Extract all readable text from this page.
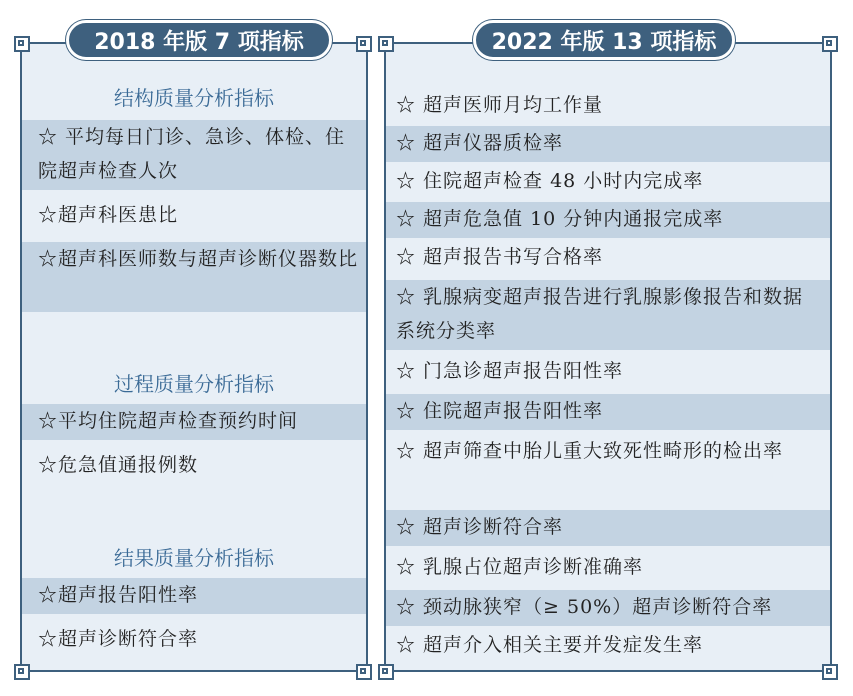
2018 年版 7 项指标	2022 年版 13 项指标
结构质量分析指标
☆ 平均每日门诊、急诊、体检、住院超声检查人次
☆超声科医患比
☆超声科医师数与超声诊断仪器数比
过程质量分析指标
☆平均住院超声检查预约时间
☆危急值通报例数
结果质量分析指标
☆超声报告阳性率
☆超声诊断符合率
☆ 超声医师月均工作量
☆ 超声仪器质检率
☆ 住院超声检查 48 小时内完成率
☆ 超声危急值 10 分钟内通报完成率
☆ 超声报告书写合格率
☆ 乳腺病变超声报告进行乳腺影像报告和数据系统分类率
☆ 门急诊超声报告阳性率
☆ 住院超声报告阳性率
☆ 超声筛查中胎儿重大致死性畸形的检出率
☆ 超声诊断符合率
☆ 乳腺占位超声诊断准确率
☆ 颈动脉狭窄（≥ 50%）超声诊断符合率
☆ 超声介入相关主要并发症发生率
